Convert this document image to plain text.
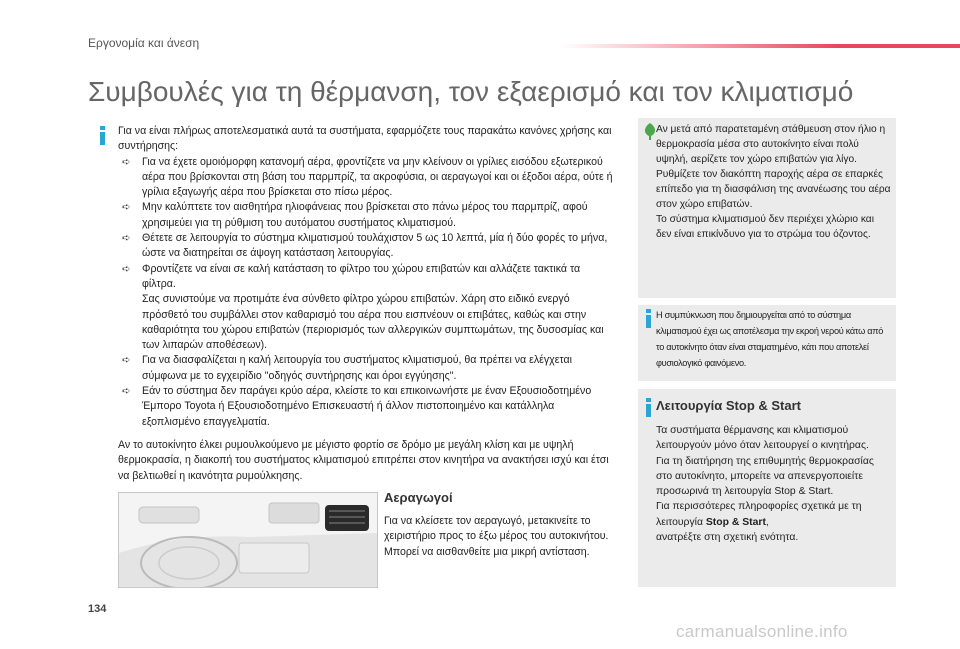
Εργονομία και άνεση
Συμβουλές για τη θέρμανση, τον εξαερισμό και τον κλιματισμό

Για να είναι πλήρως αποτελεσματικά αυτά τα συστήματα, εφαρμόζετε τους παρακάτω κανόνες χρήσης και συντήρησης:

➪ Για να έχετε ομοιόμορφη κατανομή αέρα, φροντίζετε να μην κλείνουν οι γρίλιες εισόδου εξωτερικού αέρα που βρίσκονται στη βάση του παρμπρίζ, τα ακροφύσια, οι αεραγωγοί και οι έξοδοι αέρα, ούτε ή γρίλια εξαγωγής αέρα που βρίσκεται στο πίσω μέρος.
➪ Μην καλύπτετε τον αισθητήρα ηλιοφάνειας που βρίσκεται στο πάνω μέρος του παρμπρίζ, αφού χρησιμεύει για τη ρύθμιση του αυτόματου συστήματος κλιματισμού.
➪ Θέτετε σε λειτουργία το σύστημα κλιματισμού τουλάχιστον 5 ως 10 λεπτά, μία ή δύο φορές το μήνα, ώστε να διατηρείται σε άψογη κατάσταση λειτουργίας.
➪ Φροντίζετε να είναι σε καλή κατάσταση το φίλτρο του χώρου επιβατών και αλλάζετε τακτικά τα φίλτρα.

Σας συνιστούμε να προτιμάτε ένα σύνθετο φίλτρο χώρου επιβατών. Χάρη στο ειδικό ενεργό πρόσθετό του συμβάλλει στον καθαρισμό του αέρα που εισπνέουν οι επιβάτες, καθώς και στην καθαριότητα του χώρου επιβατών (περιορισμός των αλλεργικών συμπτωμάτων, της δυσοσμίας και των λιπαρών αποθέσεων).

➪ Για να διασφαλίζεται η καλή λειτουργία του συστήματος κλιματισμού, θα πρέπει να ελέγχεται σύμφωνα με το εγχειρίδιο "οδηγός συντήρησης και όροι εγγύησης".
➪ Εάν το σύστημα δεν παράγει κρύο αέρα, κλείστε το και επικοινωνήστε με έναν Εξουσιοδοτημένο Έμπορο Toyota ή Εξουσιοδοτημένο Επισκευαστή ή άλλον πιστοποιημένο και κατάλληλα εξοπλισμένο επαγγελματία.

Αν το αυτοκίνητο έλκει ρυμουλκούμενο με μέγιστο φορτίο σε δρόμο με μεγάλη κλίση και με υψηλή θερμοκρασία, η διακοπή του συστήματος κλιματισμού επιτρέπει στον κινητήρα να ανακτήσει ισχύ και έτσι να βελτιωθεί η ικανότητα ρυμούλκησης.

Αεραγωγοί

Για να κλείσετε τον αεραγωγό, μετακινείτε το χειριστήριο προς το έξω μέρος του αυτοκινήτου. Μπορεί να αισθανθείτε μια μικρή αντίσταση.

Αν μετά από παρατεταμένη στάθμευση στον ήλιο η θερμοκρασία μέσα στο αυτοκίνητο είναι πολύ υψηλή, αερίζετε τον χώρο επιβατών για λίγο.
Ρυθμίζετε τον διακόπτη παροχής αέρα σε επαρκές επίπεδο για τη διασφάλιση της ανανέωσης του αέρα στον χώρο επιβατών.
Το σύστημα κλιματισμού δεν περιέχει χλώριο και δεν είναι επικίνδυνο για το στρώμα του όζοντος.

Η συμπύκνωση που δημιουργείται από το σύστημα κλιματισμού έχει ως αποτέλεσμα την εκροή νερού κάτω από το αυτοκίνητο όταν είναι σταματημένο, κάτι που αποτελεί φυσιολογικό φαινόμενο.

Λειτουργία Stop & Start

Τα συστήματα θέρμανσης και κλιματισμού λειτουργούν μόνο όταν λειτουργεί ο κινητήρας.
Για τη διατήρηση της επιθυμητής θερμοκρασίας στο αυτοκίνητο, μπορείτε να απενεργοποιείτε προσωρινά τη λειτουργία Stop & Start.
Για περισσότερες πληροφορίες σχετικά με τη λειτουργία Stop & Start,
ανατρέξτε στη σχετική ενότητα.

134
carmanualsonline.info
